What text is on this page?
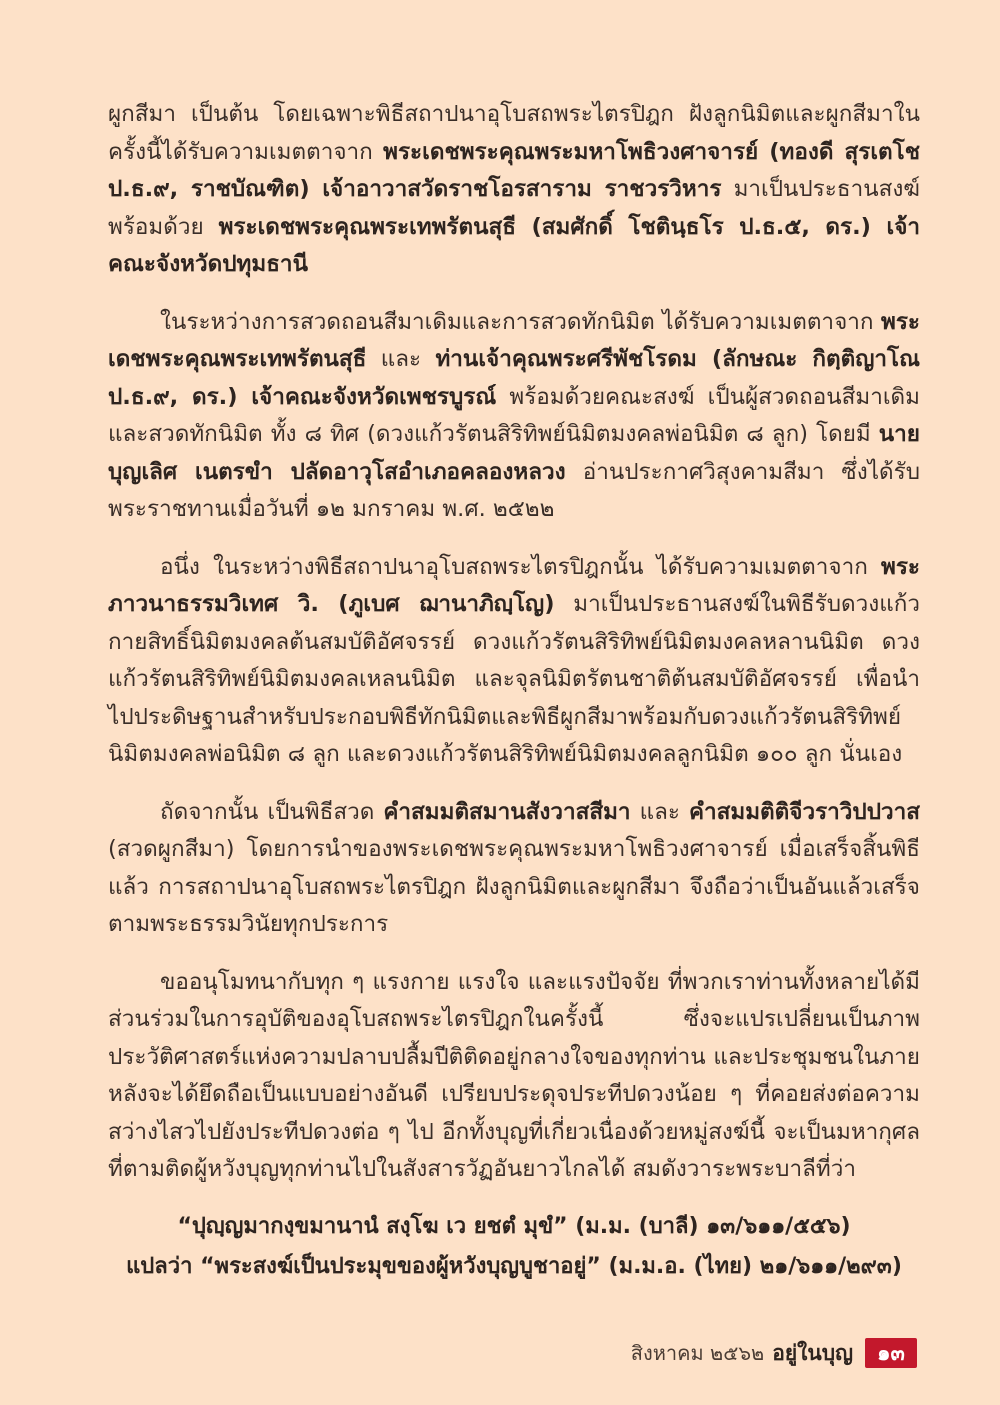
ผูกสีมา เป็นต้น โดยเฉพาะพิธีสถาปนาอุโบสถพระไตรปิฎก ฝังลูกนิมิตและผูกสีมาในครั้งนี้ได้รับความเมตตาจาก พระเดชพระคุณพระมหาโพธิวงศาจารย์ (ทองดี สุรเตโช ป.ธ.๙, ราชบัณฑิต) เจ้าอาวาสวัดราชโอรสาราม ราชวรวิหาร มาเป็นประธานสงฆ์ พร้อมด้วย พระเดชพระคุณพระเทพรัตนสุธี (สมศักดิ์ โชตินฺธโร ป.ธ.๕, ดร.) เจ้าคณะจังหวัดปทุมธานี

ในระหว่างการสวดถอนสีมาเดิมและการสวดทักนิมิต ได้รับความเมตตาจาก พระเดชพระคุณพระเทพรัตนสุธี และ ท่านเจ้าคุณพระศรีพัชโรดม (ลักษณะ กิตฺติญาโณ ป.ธ.๙, ดร.) เจ้าคณะจังหวัดเพชรบูรณ์ พร้อมด้วยคณะสงฆ์ เป็นผู้สวดถอนสีมาเดิมและสวดทักนิมิต ทั้ง ๘ ทิศ (ดวงแก้วรัตนสิริทิพย์นิมิตมงคลพ่อนิมิต ๘ ลูก) โดยมี นายบุญเลิศ เนตรขำ ปลัดอาวุโสอำเภอคลองหลวง อ่านประกาศวิสุงคามสีมา ซึ่งได้รับพระราชทานเมื่อวันที่ ๑๒ มกราคม พ.ศ. ๒๕๒๒

อนึ่ง ในระหว่างพิธีสถาปนาอุโบสถพระไตรปิฎกนั้น ได้รับความเมตตาจาก พระภาวนาธรรมวิเทศ วิ. (ภูเบศ ฌานาภิญฺโญ) มาเป็นประธานสงฆ์ในพิธีรับดวงแก้วกายสิทธิ์นิมิตมงคลต้นสมบัติอัศจรรย์ ดวงแก้วรัตนสิริทิพย์นิมิตมงคลหลานนิมิต ดวงแก้วรัตนสิริทิพย์นิมิตมงคลเหลนนิมิต และจุลนิมิตรัตนชาติต้นสมบัติอัศจรรย์ เพื่อนำไปประดิษฐานสำหรับประกอบพิธีทักนิมิตและพิธีผูกสีมาพร้อมกับดวงแก้วรัตนสิริทิพย์นิมิตมงคลพ่อนิมิต ๘ ลูก และดวงแก้วรัตนสิริทิพย์นิมิตมงคลลูกนิมิต ๑๐๐ ลูก นั่นเอง

ถัดจากนั้น เป็นพิธีสวด คำสมมติสมานสังวาสสีมา และ คำสมมติติจีวราวิปปวาส (สวดผูกสีมา) โดยการนำของพระเดชพระคุณพระมหาโพธิวงศาจารย์ เมื่อเสร็จสิ้นพิธีแล้ว การสถาปนาอุโบสถพระไตรปิฎก ฝังลูกนิมิตและผูกสีมา จึงถือว่าเป็นอันแล้วเสร็จตามพระธรรมวินัยทุกประการ

ขออนุโมทนากับทุก ๆ แรงกาย แรงใจ และแรงปัจจัย ที่พวกเราท่านทั้งหลายได้มีส่วนร่วมในการอุบัติของอุโบสถพระไตรปิฎกในครั้งนี้ ซึ่งจะแปรเปลี่ยนเป็นภาพประวัติศาสตร์แห่งความปลาบปลื้มปีติติดอยู่กลางใจของทุกท่าน และประชุมชนในภายหลังจะได้ยึดถือเป็นแบบอย่างอันดี เปรียบประดุจประทีปดวงน้อย ๆ ที่คอยส่งต่อความสว่างไสวไปยังประทีปดวงต่อ ๆ ไป อีกทั้งบุญที่เกี่ยวเนื่องด้วยหมู่สงฆ์นี้ จะเป็นมหากุศลที่ตามติดผู้หวังบุญทุกท่านไปในสังสารวัฏอันยาวไกลได้ สมดังวาระพระบาลีที่ว่า

“ปุญฺญมากงฺขมานานํ สงฺโฆ เว ยชตํ มุขํ” (ม.ม. (บาลี) ๑๓/๖๑๑/๕๕๖)
แปลว่า “พระสงฆ์เป็นประมุขของผู้หวังบุญบูชาอยู่” (ม.ม.อ. (ไทย) ๒๑/๖๑๑/๒๙๓)
สิงหาคม ๒๕๖๒ อยู่ในบุญ	๑๓
